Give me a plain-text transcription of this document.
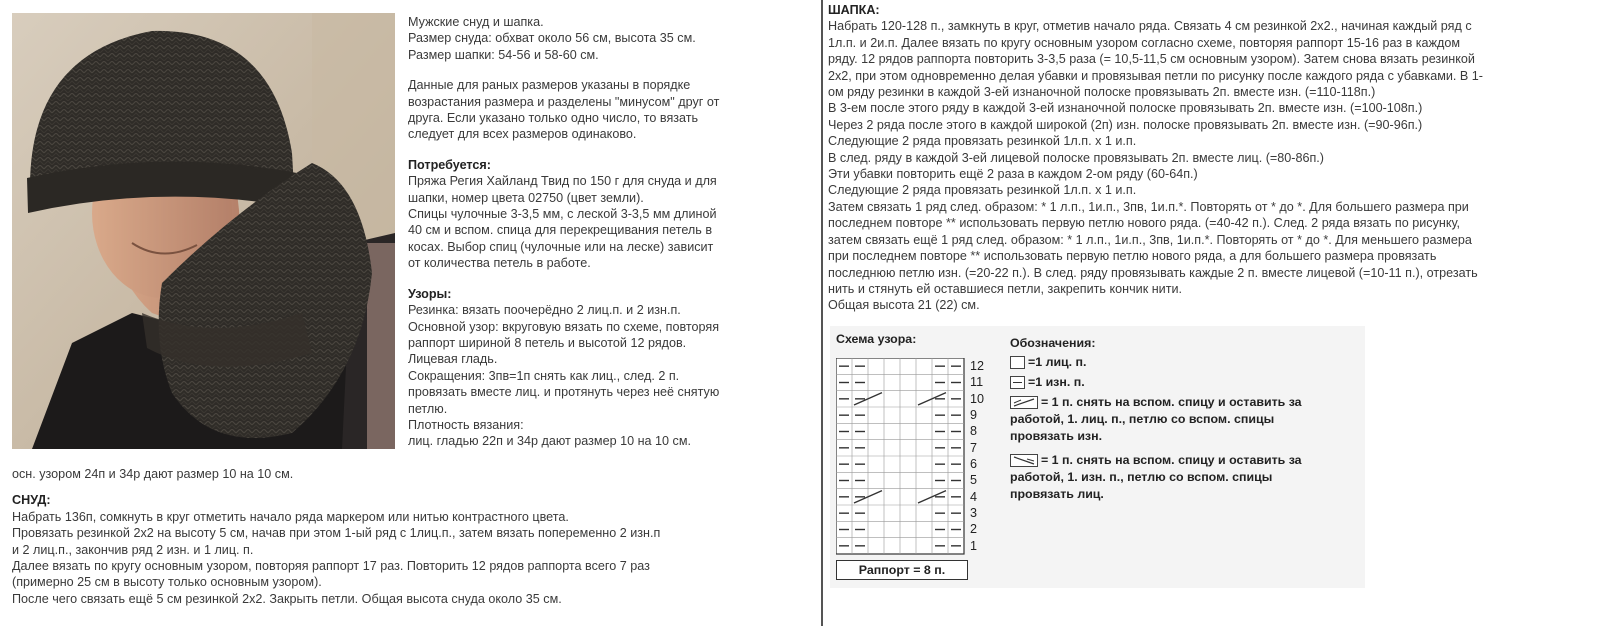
Мужские снуд и шапка.
Размер снуда: обхват около 56 см, высота 35 см.
Размер шапки: 54-56 и 58-60 см.
Данные для раных размеров указаны в порядке
возрастания размера и разделены "минусом" друг от
друга. Если указано только одно число, то вязать
следует для всех размеров одинаково.
Потребуется:
Пряжа Регия Хайланд Твид по 150 г для снуда и для
шапки, номер цвета 02750 (цвет земли).
Спицы чулочные 3-3,5 мм, с леской 3-3,5 мм длиной
40 см и вспом. спица для перекрещивания петель в
косах. Выбор спиц (чулочные или на леске) зависит
от количества петель в работе.
Узоры:
Резинка: вязать поочерёдно 2 лиц.п. и 2 изн.п.
Основной узор: вкруговую вязать по схеме, повторяя
раппорт шириной 8 петель и высотой 12 рядов.
Лицевая гладь.
Сокращения: 3пв=1п снять как лиц., след. 2 п.
провязать вместе лиц. и протянуть через неё снятую
петлю.
Плотность вязания:
лиц. гладью 22п и 34р дают размер 10 на 10 см.
осн. узором 24п и 34р дают размер 10 на 10 см.
СНУД:
Набрать 136п, сомкнуть в круг отметить начало ряда маркером или нитью контрастного цвета.
Провязать резинкой 2х2 на высоту 5 см, начав при этом 1-ый ряд с 1лиц.п., затем вязать попеременно 2 изн.п
и 2 лиц.п., закончив ряд 2 изн. и 1 лиц. п.
Далее вязать по кругу основным узором, повторяя раппорт 17 раз. Повторить 12 рядов раппорта всего 7 раз
(примерно 25 см в высоту только основным узором).
После чего связать ещё 5 см резинкой 2х2. Закрыть петли. Общая высота снуда около 35 см.
ШАПКА:
Набрать 120-128 п., замкнуть в круг, отметив начало ряда. Связать 4 см резинкой 2х2., начиная каждый ряд с
1л.п. и 2и.п. Далее вязать по кругу основным узором согласно схеме, повторяя раппорт 15-16 раз в каждом
ряду. 12 рядов раппорта повторить 3-3,5 раза (= 10,5-11,5 см основным узором). Затем снова вязать резинкой
2х2, при этом одновременно делая убавки и провязывая петли по рисунку после каждого ряда с убавками. В 1-
ом ряду резинки в каждой 3-ей изнаночной полоске провязывать 2п. вместе изн. (=110-118п.)
В 3-ем после этого ряду в каждой 3-ей изнаночной полоске провязывать 2п. вместе изн. (=100-108п.)
Через 2 ряда после этого в каждой широкой (2п) изн. полоске провязывать 2п. вместе изн. (=90-96п.)
Следующие 2 ряда провязать резинкой 1л.п. х 1 и.п.
В след. ряду в каждой 3-ей лицевой полоске провязывать 2п. вместе лиц. (=80-86п.)
Эти убавки повторить ещё 2 раза в каждом 2-ом ряду (60-64п.)
Следующие 2 ряда провязать резинкой 1л.п. х 1 и.п.
Затем связать 1 ряд след. образом: * 1 л.п., 1и.п., 3пв, 1и.п.*. Повторять от * до *. Для большего размера при
последнем повторе ** использовать первую петлю нового ряда. (=40-42 п.). След. 2 ряда вязать по рисунку,
затем связать ещё 1 ряд след. образом: * 1 л.п., 1и.п., 3пв, 1и.п.*. Повторять от * до *. Для меньшего размера
при последнем повторе ** использовать первую петлю нового ряда, а для большего размера провязать
последнюю петлю изн. (=20-22 п.). В след. ряду провязывать каждые 2 п. вместе лицевой (=10-11 п.), отрезать
нить и стянуть ей оставшиеся петли, закрепить кончик нити.
Общая высота 21 (22) см.
Схема узора:
12
11
10
9
8
7
6
5
4
3
2
1
Раппорт = 8 п.
Обозначения:
=1 лиц. п.
=1 изн. п.
= 1 п. снять на вспом. спицу и оставить за
работой, 1. лиц. п., петлю со вспом. спицы
провязать изн.
= 1 п. снять на вспом. спицу и оставить за
работой, 1. изн. п., петлю со вспом. спицы
провязать лиц.
